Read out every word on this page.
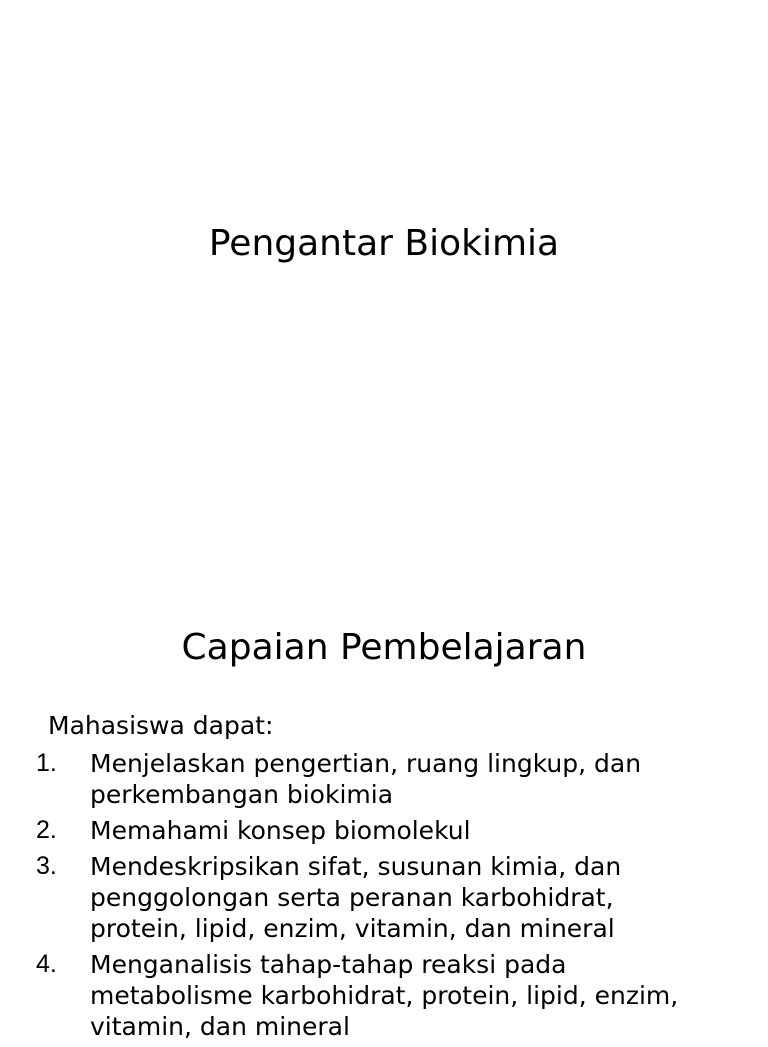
Pengantar Biokimia
Capaian Pembelajaran
Mahasiswa dapat:
1.	Menjelaskan pengertian, ruang lingkup, dan
perkembangan biokimia
2.	Memahami konsep biomolekul
3.	Mendeskripsikan sifat, susunan kimia, dan
penggolongan serta peranan karbohidrat,
protein, lipid, enzim, vitamin, dan mineral
4.	Menganalisis tahap-tahap reaksi pada
metabolisme karbohidrat, protein, lipid, enzim,
vitamin, dan mineral
